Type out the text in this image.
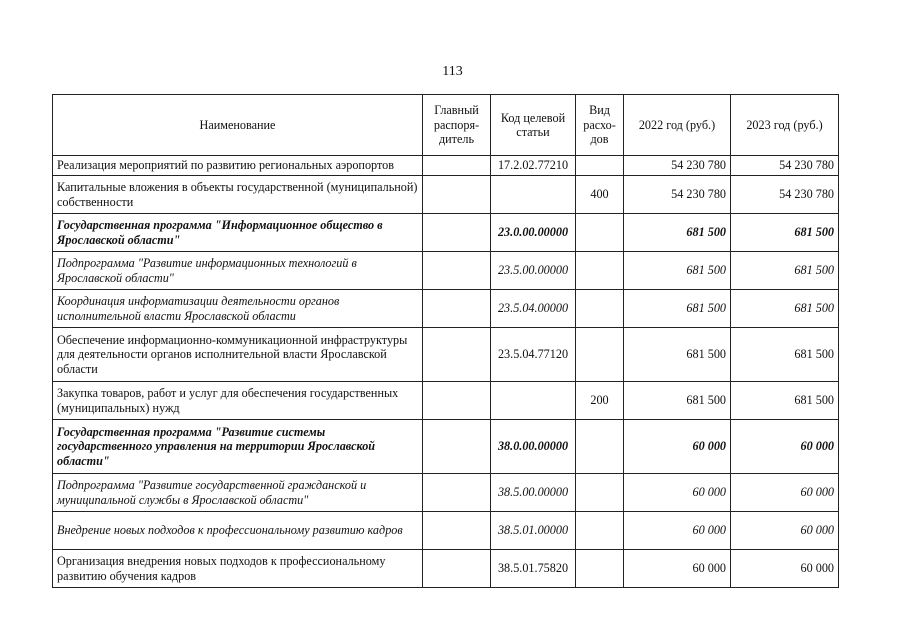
113
Наименование	Главный распоря-дитель	Код целевой статьи	Вид расхо-дов	2022 год (руб.)	2023 год (руб.)
Реализация мероприятий по развитию региональных аэропортов		17.2.02.77210		54 230 780	54 230 780
Капитальные вложения в объекты государственной (муниципальной) собственности			400	54 230 780	54 230 780
Государственная программа "Информационное общество в Ярославской области"		23.0.00.00000		681 500	681 500
Подпрограмма "Развитие информационных технологий в Ярославской области"		23.5.00.00000		681 500	681 500
Координация информатизации деятельности органов исполнительной власти Ярославской области		23.5.04.00000		681 500	681 500
Обеспечение информационно-коммуникационной инфраструктуры для деятельности органов исполнительной власти Ярославской области		23.5.04.77120		681 500	681 500
Закупка товаров, работ и услуг для обеспечения государственных (муниципальных) нужд			200	681 500	681 500
Государственная программа "Развитие системы государственного управления на территории Ярославской области"		38.0.00.00000		60 000	60 000
Подпрограмма "Развитие государственной гражданской и муниципальной службы в Ярославской области"		38.5.00.00000		60 000	60 000
Внедрение новых подходов к профессиональному развитию кадров		38.5.01.00000		60 000	60 000
Организация внедрения новых подходов к профессиональному развитию обучения кадров		38.5.01.75820		60 000	60 000
